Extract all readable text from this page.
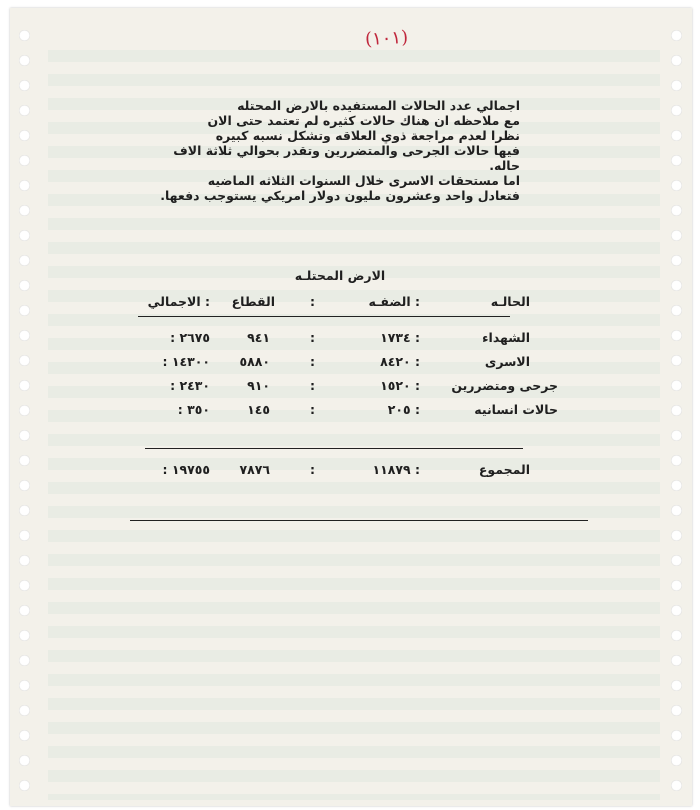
(١٠١)
اجمالي عدد الحالات المستفيده بالارض المحتله
مع ملاحظه ان هناك حالات كثيره لم تعتمد حتى الان
نظرا لعدم مراجعة ذوي العلاقه وتشكل نسبه كبيره
فيها حالات الجرحى والمتضررين وتقدر بحوالي ثلاثة الاف
حاله.
اما مستحقات الاسرى خلال السنوات الثلاثه الماضيه
فتعادل واحد وعشرون مليون دولار امريكي يستوجب دفعها.
الارض المحتلـه
الحالـه
: الضفـه
:
القطاع
: الاجمالي
الشهداء
: ١٧٣٤
:
٩٤١
٢٦٧٥ :
الاسرى
: ٨٤٢٠
:
٥٨٨٠
١٤٣٠٠ :
جرحى ومتضررين
: ١٥٢٠
:
٩١٠
٢٤٣٠ :
حالات انسانيه
: ٢٠٥
:
١٤٥
٣٥٠ :
المجموع
: ١١٨٧٩
:
٧٨٧٦
١٩٧٥٥ :
